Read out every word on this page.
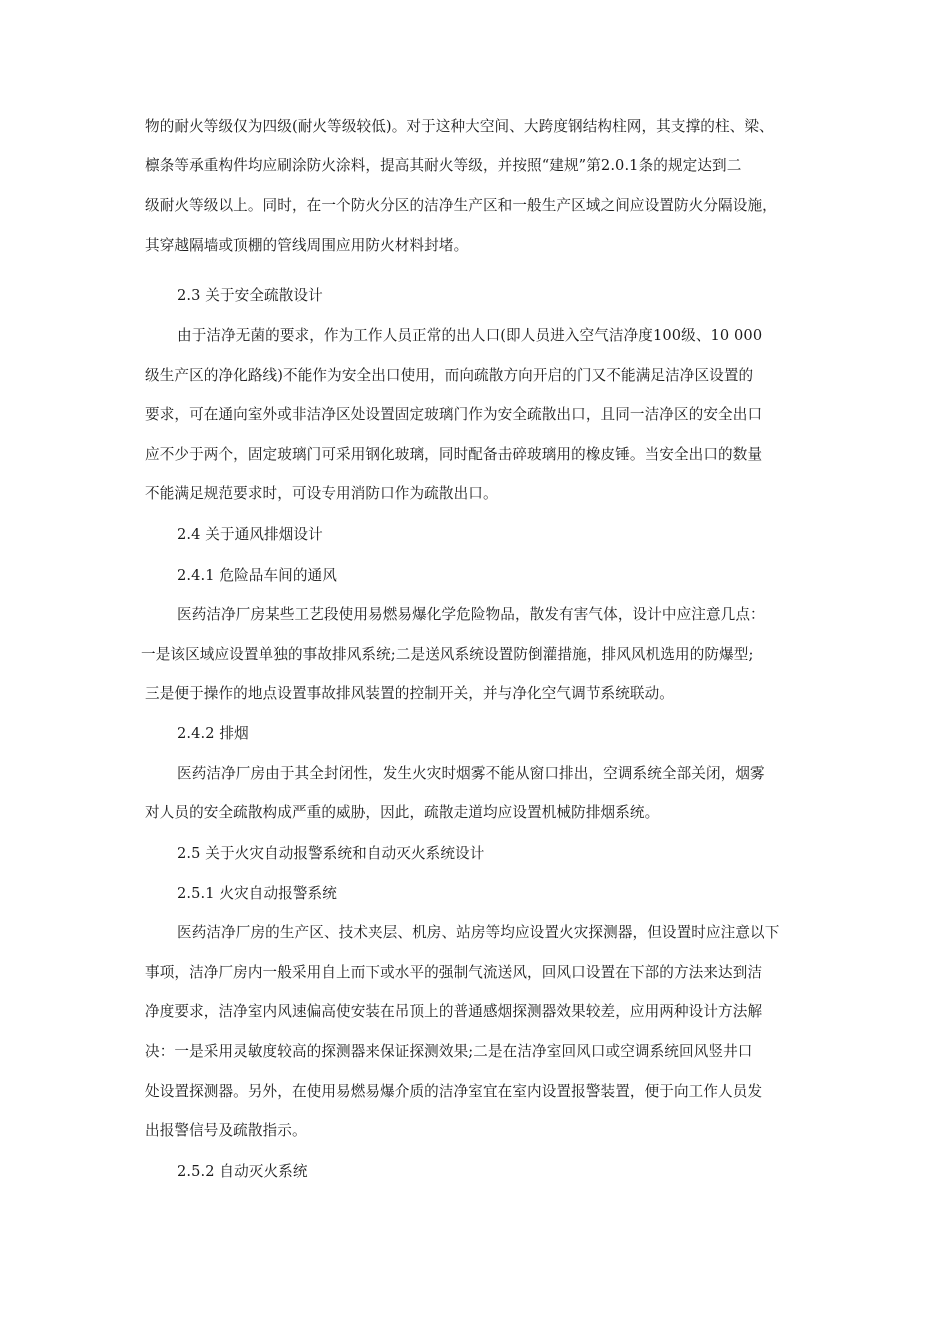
物的耐火等级仅为四级(耐火等级较低)。对于这种大空间、大跨度钢结构柱网，其支撑的柱、梁、
檩条等承重构件均应刷涂防火涂料，提高其耐火等级，并按照“建规”第2.0.1条的规定达到二
级耐火等级以上。同时，在一个防火分区的洁净生产区和一般生产区域之间应设置防火分隔设施，
其穿越隔墙或顶棚的管线周围应用防火材料封堵。
2.3 关于安全疏散设计
由于洁净无菌的要求，作为工作人员正常的出人口(即人员进入空气洁净度100级、10 000
级生产区的净化路线)不能作为安全出口使用，而向疏散方向开启的门又不能满足洁净区设置的
要求，可在通向室外或非洁净区处设置固定玻璃门作为安全疏散出口，且同一洁净区的安全出口
应不少于两个，固定玻璃门可采用钢化玻璃，同时配备击碎玻璃用的橡皮锤。当安全出口的数量
不能满足规范要求时，可设专用消防口作为疏散出口。
2.4 关于通风排烟设计
2.4.1 危险品车间的通风
医药洁净厂房某些工艺段使用易燃易爆化学危险物品，散发有害气体，设计中应注意几点：
一是该区域应设置单独的事故排风系统;二是送风系统设置防倒灌措施，排风风机选用的防爆型;
三是便于操作的地点设置事故排风装置的控制开关，并与净化空气调节系统联动。
2.4.2 排烟
医药洁净厂房由于其全封闭性，发生火灾时烟雾不能从窗口排出，空调系统全部关闭，烟雾
对人员的安全疏散构成严重的威胁，因此，疏散走道均应设置机械防排烟系统。
2.5 关于火灾自动报警系统和自动灭火系统设计
2.5.1 火灾自动报警系统
医药洁净厂房的生产区、技术夹层、机房、站房等均应设置火灾探测器，但设置时应注意以下
事项，洁净厂房内一般采用自上而下或水平的强制气流送风，回风口设置在下部的方法来达到洁
净度要求，洁净室内风速偏高使安装在吊顶上的普通感烟探测器效果较差，应用两种设计方法解
决：一是采用灵敏度较高的探测器来保证探测效果;二是在洁净室回风口或空调系统回风竖井口
处设置探测器。另外，在使用易燃易爆介质的洁净室宜在室内设置报警装置，便于向工作人员发
出报警信号及疏散指示。
2.5.2 自动灭火系统
